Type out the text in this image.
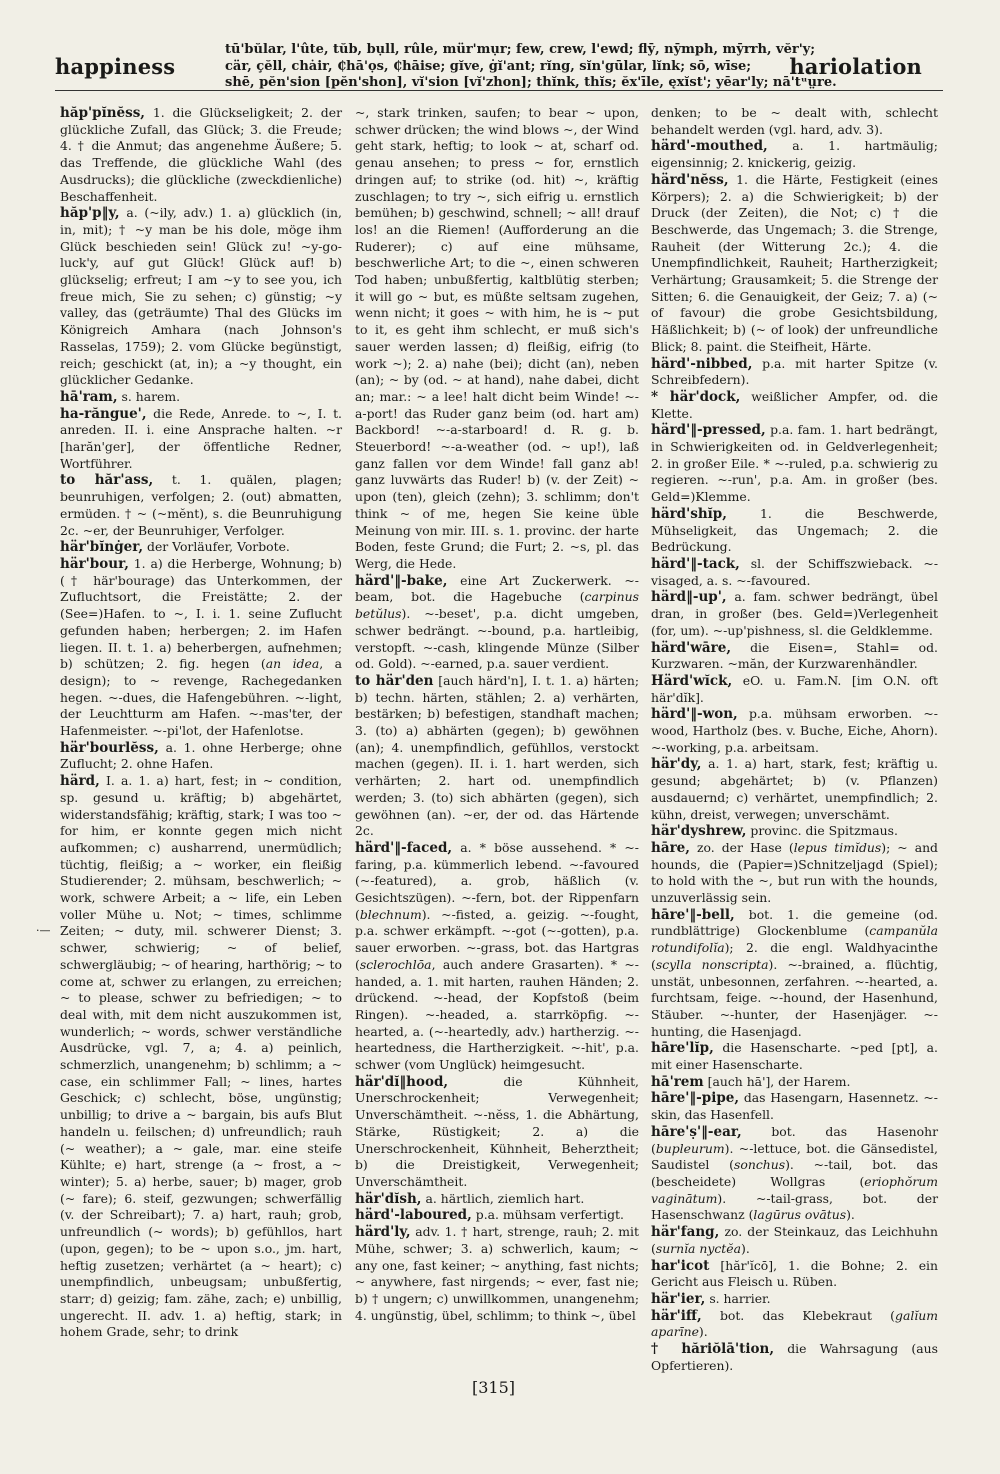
happiness
tū'bŭlar, l'ûte, tŭb, bụll, rûle, mür'mụr; few, crew, l'ewd; flȳ, nȳmph, mȳrrh, vĕr'y;
cär, çĕll, chȧir, ₵hā'ọs, ₵hāise; gĭve, ġĭ'ant; rĭng, sĭn'gūlar, lĭnk; sō, wīse;
shē, pĕn'sion [pĕn'shon], vĭ'sion [vĭ'zhon]; thĭnk, thĭs; ĕx'īle, ęxĭst'; yēar'ly; nā'tᵘṳre.
hariolation

hăp'pĭnĕss, 1. die Glückseligkeit; 2. der glückliche Zufall, das Glück; 3. die Freude; 4. † die Anmut; das angenehme Äußere; 5. das Treffende, die glückliche Wahl (des Ausdrucks); die glückliche (zweckdienliche) Beschaffenheit.

hăp'p‖y, a. (~ily, adv.) 1. a) glücklich (in, in, mit); † ~y man be his dole, möge ihm Glück beschieden sein! Glück zu! ~y-go-luck'y, auf gut Glück! Glück auf! b) glückselig; erfreut; I am ~y to see you, ich freue mich, Sie zu sehen; c) günstig; ~y valley, das (geträumte) Thal des Glücks im Königreich Amhara (nach Johnson's Rasselas, 1759); 2. vom Glücke begünstigt, reich; geschickt (at, in); a ~y thought, ein glücklicher Gedanke.

hā'ram, s. harem.

ha-răngue', die Rede, Anrede. to ~, I. t. anreden. II. i. eine Ansprache halten. ~r [harăn'ger], der öffentliche Redner, Wortführer.

to hăr'ass, t. 1. quälen, plagen; beunruhigen, verfolgen; 2. (out) abmatten, ermüden. † ~ (~mĕnt), s. die Beunruhigung 2c. ~er, der Beunruhiger, Verfolger.

här'bĭnġer, der Vorläufer, Vorbote.

här'bour, 1. a) die Herberge, Wohnung; b) († här'bourage) das Unterkommen, der Zufluchtsort, die Freistätte; 2. der (See=)Hafen. to ~, I. i. 1. seine Zuflucht gefunden haben; herbergen; 2. im Hafen liegen. II. t. 1. a) beherbergen, aufnehmen; b) schützen; 2. fig. hegen (an idea, a design); to ~ revenge, Rachegedanken hegen. ~-dues, die Hafengebühren. ~-light, der Leuchtturm am Hafen. ~-mas'ter, der Hafenmeister. ~-pi'lot, der Hafenlotse.

här'bourlĕss, a. 1. ohne Herberge; ohne Zuflucht; 2. ohne Hafen.

härd, I. a. 1. a) hart, fest; in ~ condition, sp. gesund u. kräftig; b) abgehärtet, widerstandsfähig; kräftig, stark; I was too ~ for him, er konnte gegen mich nicht aufkommen; c) ausharrend, unermüdlich; tüchtig, fleißig; a ~ worker, ein fleißig Studierender; 2. mühsam, beschwerlich; ~ work, schwere Arbeit; a ~ life, ein Leben voller Mühe u. Not; ~ times, schlimme Zeiten; ~ duty, mil. schwerer Dienst; 3. schwer, schwierig; ~ of belief, schwergläubig; ~ of hearing, harthörig; ~ to come at, schwer zu erlangen, zu erreichen; ~ to please, schwer zu befriedigen; ~ to deal with, mit dem nicht auszukommen ist, wunderlich; ~ words, schwer verständliche Ausdrücke, vgl. 7, a; 4. a) peinlich, schmerzlich, unangenehm; b) schlimm; a ~ case, ein schlimmer Fall; ~ lines, hartes Geschick; c) schlecht, böse, ungünstig; unbillig; to drive a ~ bargain, bis aufs Blut handeln u. feilschen; d) unfreundlich; rauh (~ weather); a ~ gale, mar. eine steife Kühlte; e) hart, strenge (a ~ frost, a ~ winter); 5. a) herbe, sauer; b) mager, grob (~ fare); 6. steif, gezwungen; schwerfällig (v. der Schreibart); 7. a) hart, rauh; grob, unfreundlich (~ words); b) gefühllos, hart (upon, gegen); to be ~ upon s.o., jm. hart, heftig zusetzen; verhärtet (a ~ heart); c) unempfindlich, unbeugsam; unbußfertig, starr; d) geizig; fam. zähe, zach; e) unbillig, ungerecht. II. adv. 1. a) heftig, stark; in hohem Grade, sehr; to drink

~, stark trinken, saufen; to bear ~ upon, schwer drücken; the wind blows ~, der Wind geht stark, heftig; to look ~ at, scharf od. genau ansehen; to press ~ for, ernstlich dringen auf; to strike (od. hit) ~, kräftig zuschlagen; to try ~, sich eifrig u. ernstlich bemühen; b) geschwind, schnell; ~ all! drauf los! an die Riemen! (Aufforderung an die Ruderer); c) auf eine mühsame, beschwerliche Art; to die ~, einen schweren Tod haben; unbußfertig, kaltblütig sterben; it will go ~ but, es müßte seltsam zugehen, wenn nicht; it goes ~ with him, he is ~ put to it, es geht ihm schlecht, er muß sich's sauer werden lassen; d) fleißig, eifrig (to work ~); 2. a) nahe (bei); dicht (an), neben (an); ~ by (od. ~ at hand), nahe dabei, dicht an; mar.: ~ a lee! halt dicht beim Winde! ~-a-port! das Ruder ganz beim (od. hart am) Backbord! ~-a-starboard! d. R. g. b. Steuerbord! ~-a-weather (od. ~ up!), laß ganz fallen vor dem Winde! fall ganz ab! ganz luvwärts das Ruder! b) (v. der Zeit) ~ upon (ten), gleich (zehn); 3. schlimm; don't think ~ of me, hegen Sie keine üble Meinung von mir. III. s. 1. provinc. der harte Boden, feste Grund; die Furt; 2. ~s, pl. das Werg, die Hede.

härd'‖-bake, eine Art Zuckerwerk. ~-beam, bot. die Hagebuche (carpinus betŭlus). ~-beset', p.a. dicht umgeben, schwer bedrängt. ~-bound, p.a. hartleibig, verstopft. ~-cash, klingende Münze (Silber od. Gold). ~-earned, p.a. sauer verdient.

to här'den [auch härd'n], I. t. 1. a) härten; b) techn. härten, stählen; 2. a) verhärten, bestärken; b) befestigen, standhaft machen; 3. (to) a) abhärten (gegen); b) gewöhnen (an); 4. unempfindlich, gefühllos, verstockt machen (gegen). II. i. 1. hart werden, sich verhärten; 2. hart od. unempfindlich werden; 3. (to) sich abhärten (gegen), sich gewöhnen (an). ~er, der od. das Härtende 2c.

härd'‖-faced, a. * böse aussehend. * ~-faring, p.a. kümmerlich lebend. ~-favoured (~-featured), a. grob, häßlich (v. Gesichtszügen). ~-fern, bot. der Rippenfarn (blechnum). ~-fisted, a. geizig. ~-fought, p.a. schwer erkämpft. ~-got (~-gotten), p.a. sauer erworben. ~-grass, bot. das Hartgras (sclerochlōa, auch andere Grasarten). * ~-handed, a. 1. mit harten, rauhen Händen; 2. drückend. ~-head, der Kopfstoß (beim Ringen). ~-headed, a. starrköpfig. ~-hearted, a. (~-heartedly, adv.) hartherzig. ~-heartedness, die Hartherzigkeit. ~-hit', p.a. schwer (vom Unglück) heimgesucht.

här'dĭ‖hood,	die Kühnheit, Unerschrockenheit; Verwegenheit; Unverschämtheit. ~-nĕss, 1. die Abhärtung, Stärke, Rüstigkeit; 2. a) die Unerschrockenheit, Kühnheit, Beherztheit; b) die Dreistigkeit, Verwegenheit; Unverschämtheit.

här'dĭsh, a. härtlich, ziemlich hart.

härd'-laboured, p.a. mühsam verfertigt.

härd'ly, adv. 1. † hart, strenge, rauh; 2. mit Mühe, schwer; 3. a) schwerlich, kaum; ~ any one, fast keiner; ~ anything, fast nichts; ~ anywhere, fast nirgends; ~ ever, fast nie; b) † ungern; c) unwillkommen, unangenehm; 4. ungünstig, übel, schlimm; to think ~, übel

denken; to be ~ dealt with, schlecht behandelt werden (vgl. hard, adv. 3).

härd'-mouthed, a. 1. hartmäulig; eigensinnig; 2. knickerig, geizig.

härd'nĕss, 1. die Härte, Festigkeit (eines Körpers); 2. a) die Schwierigkeit; b) der Druck (der Zeiten), die Not; c) † die Beschwerde, das Ungemach; 3. die Strenge, Rauheit (der Witterung 2c.); 4. die Unempfindlichkeit, Rauheit; Hartherzigkeit; Verhärtung; Grausamkeit; 5. die Strenge der Sitten; 6. die Genauigkeit, der Geiz; 7. a) (~ of favour) die grobe Gesichtsbildung, Häßlichkeit; b) (~ of look) der unfreundliche Blick; 8. paint. die Steifheit, Härte.

härd'-nibbed, p.a. mit harter Spitze (v. Schreibfedern).

* här'dock, weißlicher Ampfer, od. die Klette.

härd'‖-pressed, p.a. fam. 1. hart bedrängt, in Schwierigkeiten od. in Geldverlegenheit; 2. in großer Eile. * ~-ruled, p.a. schwierig zu regieren. ~-run', p.a. Am. in großer (bes. Geld=)Klemme.

härd'shĭp,	1. die Beschwerde, Mühseligkeit, das Ungemach; 2. die Bedrückung.

härd'‖-tack, sl. der Schiffszwieback. ~-visaged, a. s. ~-favoured.

härd‖-up', a. fam. schwer bedrängt, übel dran, in großer (bes. Geld=)Verlegenheit (for, um). ~-up'pishness, sl. die Geldklemme.

härd'wāre, die Eisen=, Stahl= od. Kurzwaren. ~măn, der Kurzwarenhändler.

Härd'wĭck, eO. u. Fam.N. [im O.N. oft här'dĭk].

härd'‖-won, p.a. mühsam erworben. ~-wood, Hartholz (bes. v. Buche, Eiche, Ahorn). ~-working, p.a. arbeitsam.

här'dy, a. 1. a) hart, stark, fest; kräftig u. gesund; abgehärtet; b) (v. Pflanzen) ausdauernd; c) verhärtet, unempfindlich; 2. kühn, dreist, verwegen; unverschämt.

här'dyshrew, provinc. die Spitzmaus.

hāre, zo. der Hase (lepus timĭdus); ~ and hounds, die (Papier=)Schnitzeljagd (Spiel); to hold with the ~, but run with the hounds, unzuverlässig sein.

hāre'‖-bell, bot. 1. die gemeine (od. rundblättrige) Glockenblume (campanŭla rotundifolĭa); 2. die engl. Waldhyacinthe (scylla nonscripta). ~-brained, a. flüchtig, unstät, unbesonnen, zerfahren. ~-hearted, a. furchtsam, feige. ~-hound, der Hasenhund, Stäuber. ~-hunter, der Hasenjäger. ~-hunting, die Hasenjagd.

hāre'lĭp, die Hasenscharte. ~ped [pt], a. mit einer Hasenscharte.

hā'rem [auch hā'], der Harem.

hāre'‖-pipe, das Hasengarn, Hasennetz. ~-skin, das Hasenfell.

hāre'ṣ'‖-ear, bot. das Hasenohr (bupleurum). ~-lettuce, bot. die Gänsedistel, Saudistel (sonchus). ~-tail, bot. das (bescheidete) Wollgras (eriophŏrum vaginātum). ~-tail-grass, bot. der Hasenschwanz (lagūrus ovātus).

här'fang, zo. der Steinkauz, das Leichhuhn (surnĭa nyctĕa).

har'icot [hăr'ĭcō], 1. die Bohne; 2. ein Gericht aus Fleisch u. Rüben.

här'ier, s. harrier.

här'iff, bot. das Klebekraut (galĭum aparīne).

† hăriŏlā'tion, die Wahrsagung (aus Opfertieren).

·—
[315]
